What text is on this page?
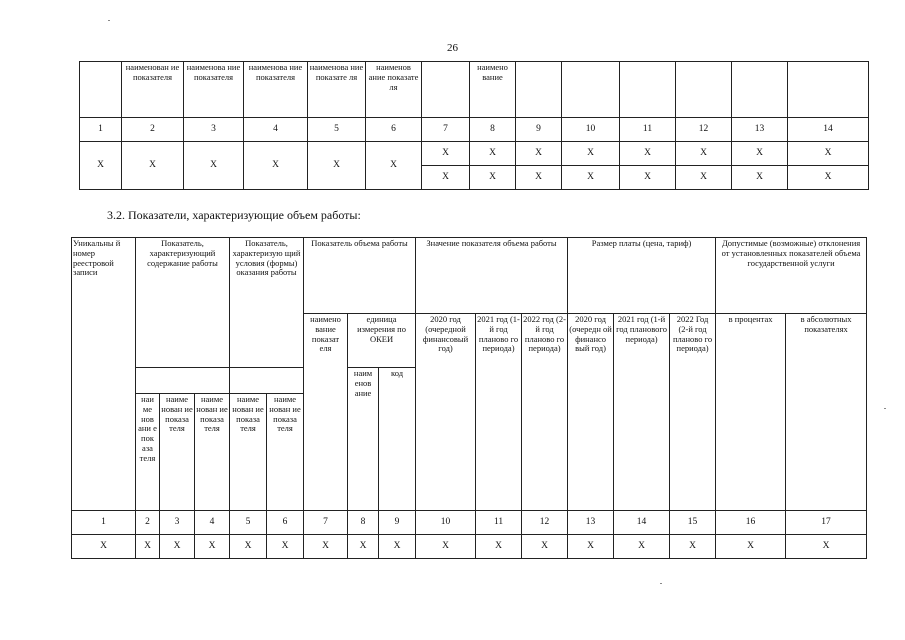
26
	наименован ие показателя	наименова ние показателя	наименова ние показателя	наименова ние показате ля	наименов ание показате ля		наимено вание						
1	2	3	4	5	6	7	8	9	10	11	12	13	14
X	X	X	X	X	X	X	X	X	X	X	X	X	X
						X	X	X	X	X	X	X	X
3.2. Показатели, характеризующие объем работы:
Уникальны й номер реестровой записи	Показатель, характеризующий содержание работы			Показатель, характеризую щий условия (формы) оказания работы		Показатель объема работы			Значение показателя объема работы			Размер платы (цена, тариф)			Допустимые (возможные) отклонения от установленных показателей объема государственной услуги	
						наимено вание показат еля	единица измерения по ОКЕИ		2020 год (очередной финансовый год)	2021 год (1-й год планово го периода)	2022 год (2-й год планово го периода)	2020 год (очередн ой финансо вый год)	2021 год (1-й год планового периода)	2022 Год (2-й год планово го периода)	в процентах	в абсолютных показателях
							наим енов ание	код								
	наи ме нов ани е пок аза теля	наиме нован ие показа теля	наиме нован ие показа теля	наиме нован ие показа теля	наиме нован ие показа теля											
1	2	3	4	5	6	7	8	9	10	11	12	13	14	15	16	17
X	X	X	X	X	X	X	X	X	X	X	X	X	X	X	X	X
